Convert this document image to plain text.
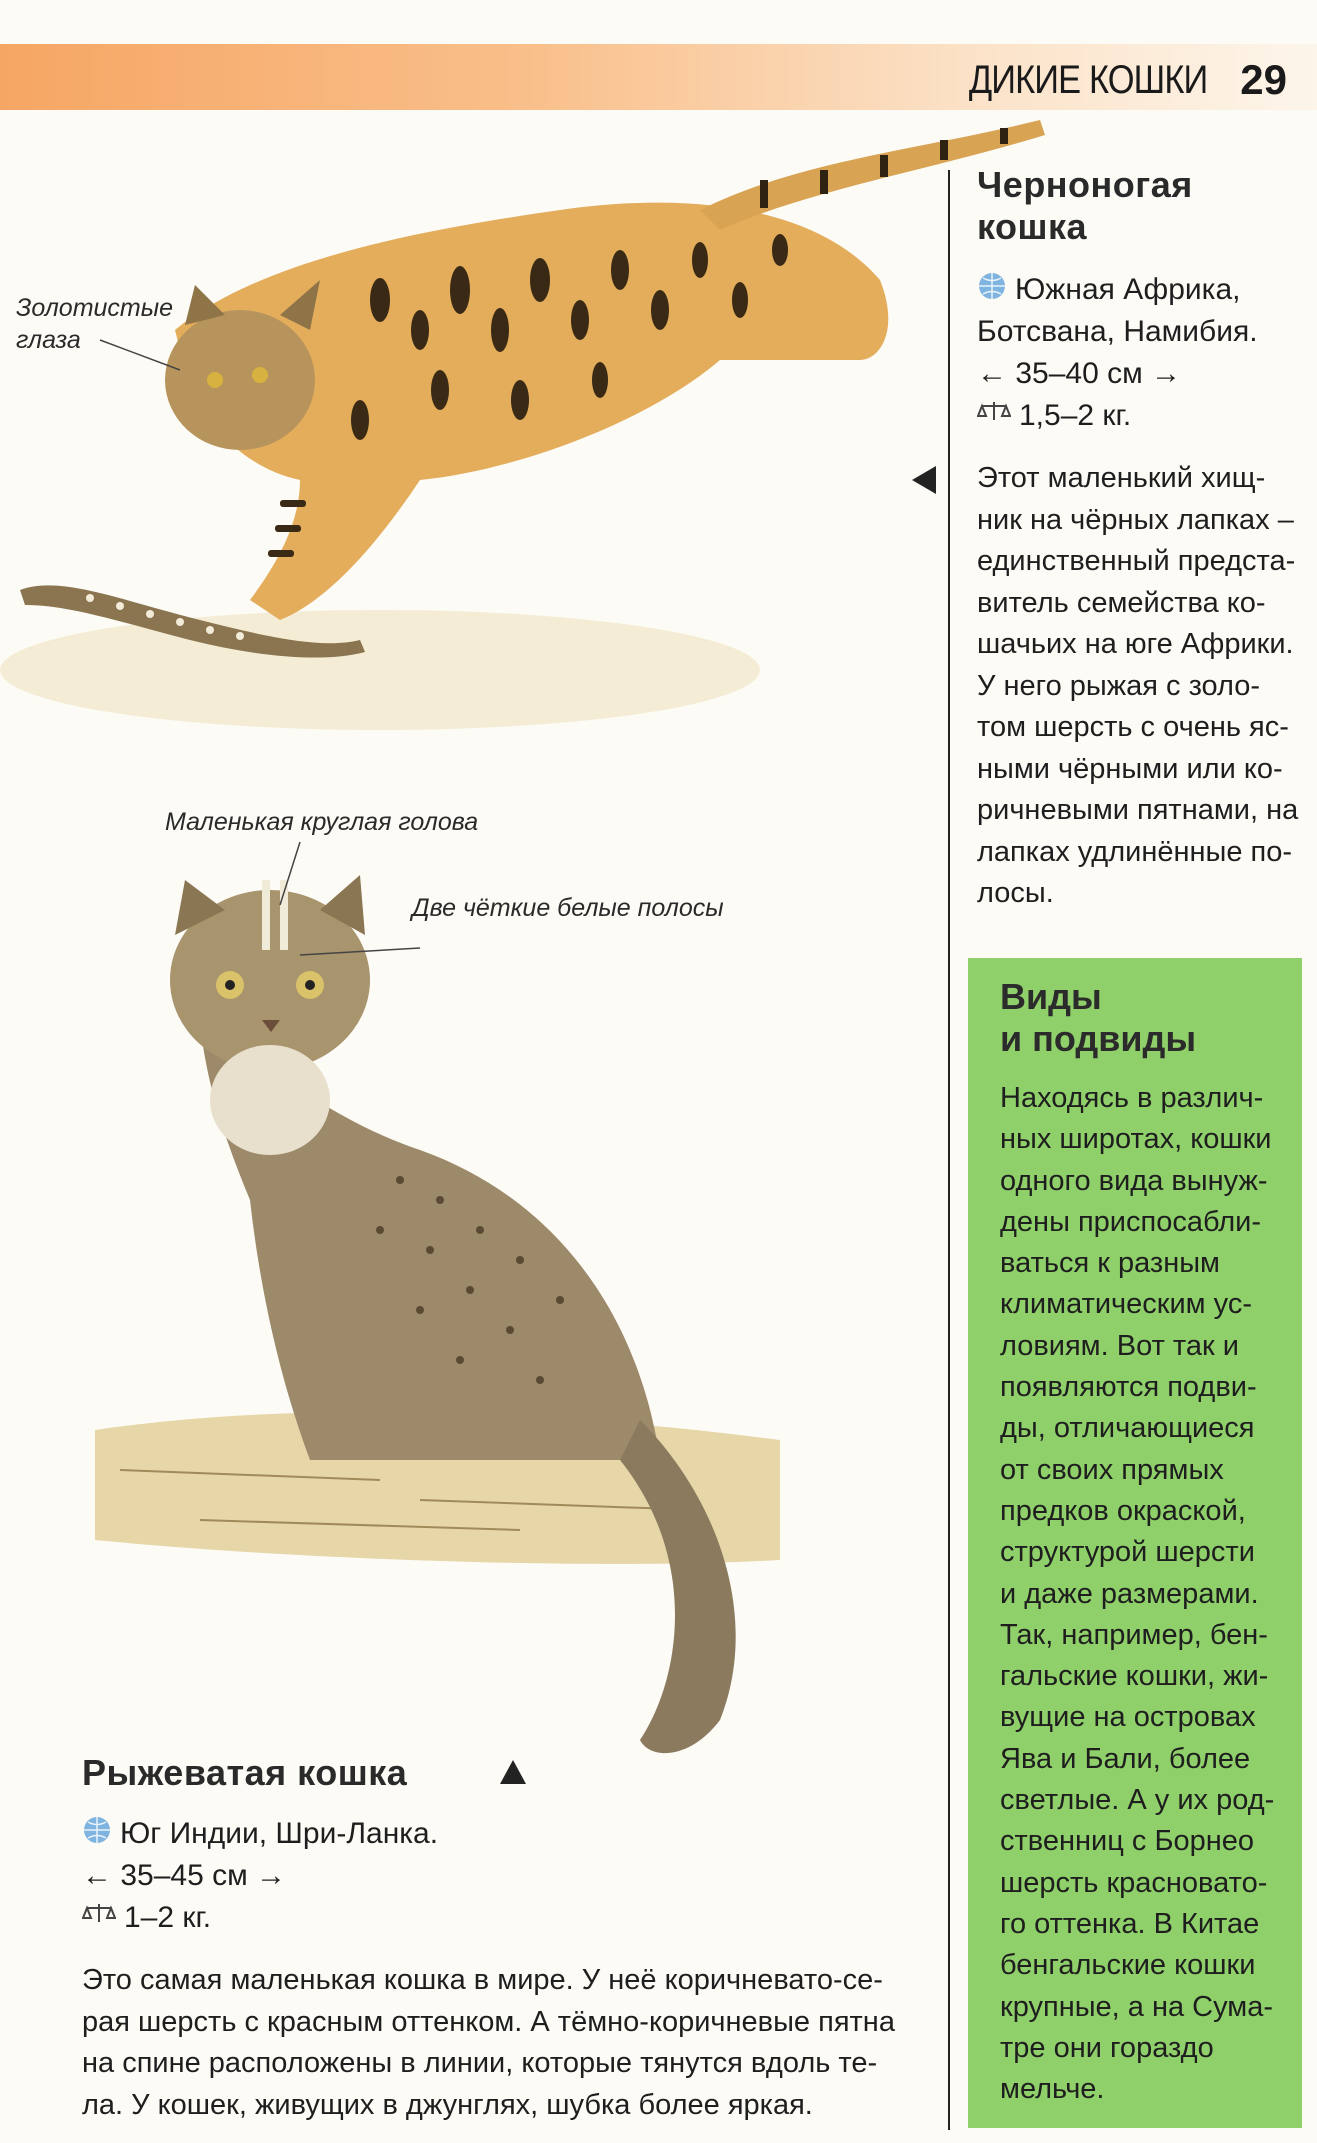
ДИКИЕ КОШКИ 29
Золотистые
глаза
Маленькая круглая голова
Две чёткие белые полосы
Черноногая
кошка
Южная Африка,
Ботсвана, Намибия.
← 35–40 см →
1,5–2 кг.
Этот маленький хищ-
ник на чёрных лапках –
единственный предста-
витель семейства ко-
шачьих на юге Африки.
У него рыжая с золо-
том шерсть с очень яс-
ными чёрными или ко-
ричневыми пятнами, на
лапках удлинённые по-
лосы.
Виды
и подвиды
Находясь в различ-
ных широтах, кошки
одного вида вынуж-
дены приспосабли-
ваться к разным
климатическим ус-
ловиям. Вот так и
появляются подви-
ды, отличающиеся
от своих прямых
предков окраской,
структурой шерсти
и даже размерами.
Так, например, бен-
гальские кошки, жи-
вущие на островах
Ява и Бали, более
светлые. А у их род-
ственниц с Борнео
шерсть красновато-
го оттенка. В Китае
бенгальские кошки
крупные, а на Сума-
тре они гораздо
мельче.
Рыжеватая кошка
Юг Индии, Шри-Ланка.
← 35–45 см →
1–2 кг.
Это самая маленькая кошка в мире. У неё коричневато-се-
рая шерсть с красным оттенком. А тёмно-коричневые пятна
на спине расположены в линии, которые тянутся вдоль те-
ла. У кошек, живущих в джунглях, шубка более яркая.
